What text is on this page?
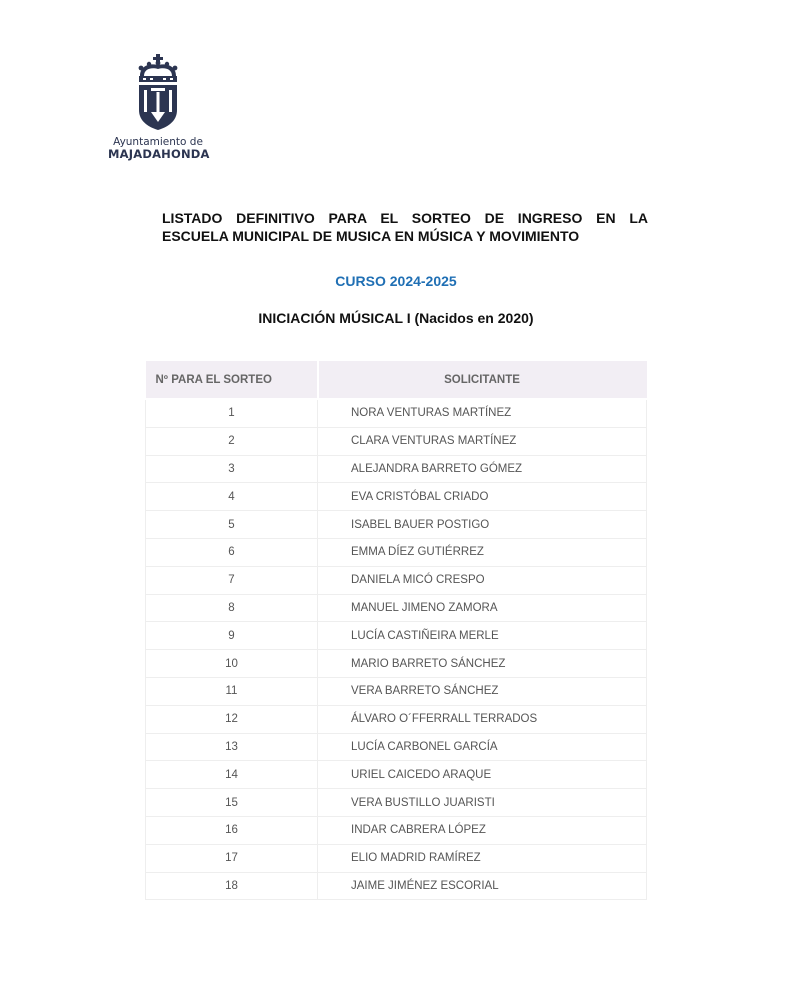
Ayuntamiento de
MAJADAHONDA
LISTADO DEFINITIVO PARA EL SORTEO DE INGRESO EN LA
ESCUELA MUNICIPAL DE MUSICA EN MÚSICA Y MOVIMIENTO
CURSO 2024-2025
INICIACIÓN MÚSICAL I (Nacidos en 2020)
Nº PARA EL SORTEO	SOLICITANTE
1	NORA VENTURAS MARTÍNEZ
2	CLARA VENTURAS MARTÍNEZ
3	ALEJANDRA BARRETO GÓMEZ
4	EVA CRISTÓBAL CRIADO
5	ISABEL BAUER POSTIGO
6	EMMA DÍEZ GUTIÉRREZ
7	DANIELA MICÓ CRESPO
8	MANUEL JIMENO ZAMORA
9	LUCÍA CASTIÑEIRA MERLE
10	MARIO BARRETO SÁNCHEZ
11	VERA BARRETO SÁNCHEZ
12	ÁLVARO O´FFERRALL TERRADOS
13	LUCÍA CARBONEL GARCÍA
14	URIEL CAICEDO ARAQUE
15	VERA BUSTILLO JUARISTI
16	INDAR CABRERA LÓPEZ
17	ELIO MADRID RAMÍREZ
18	JAIME JIMÉNEZ ESCORIAL
